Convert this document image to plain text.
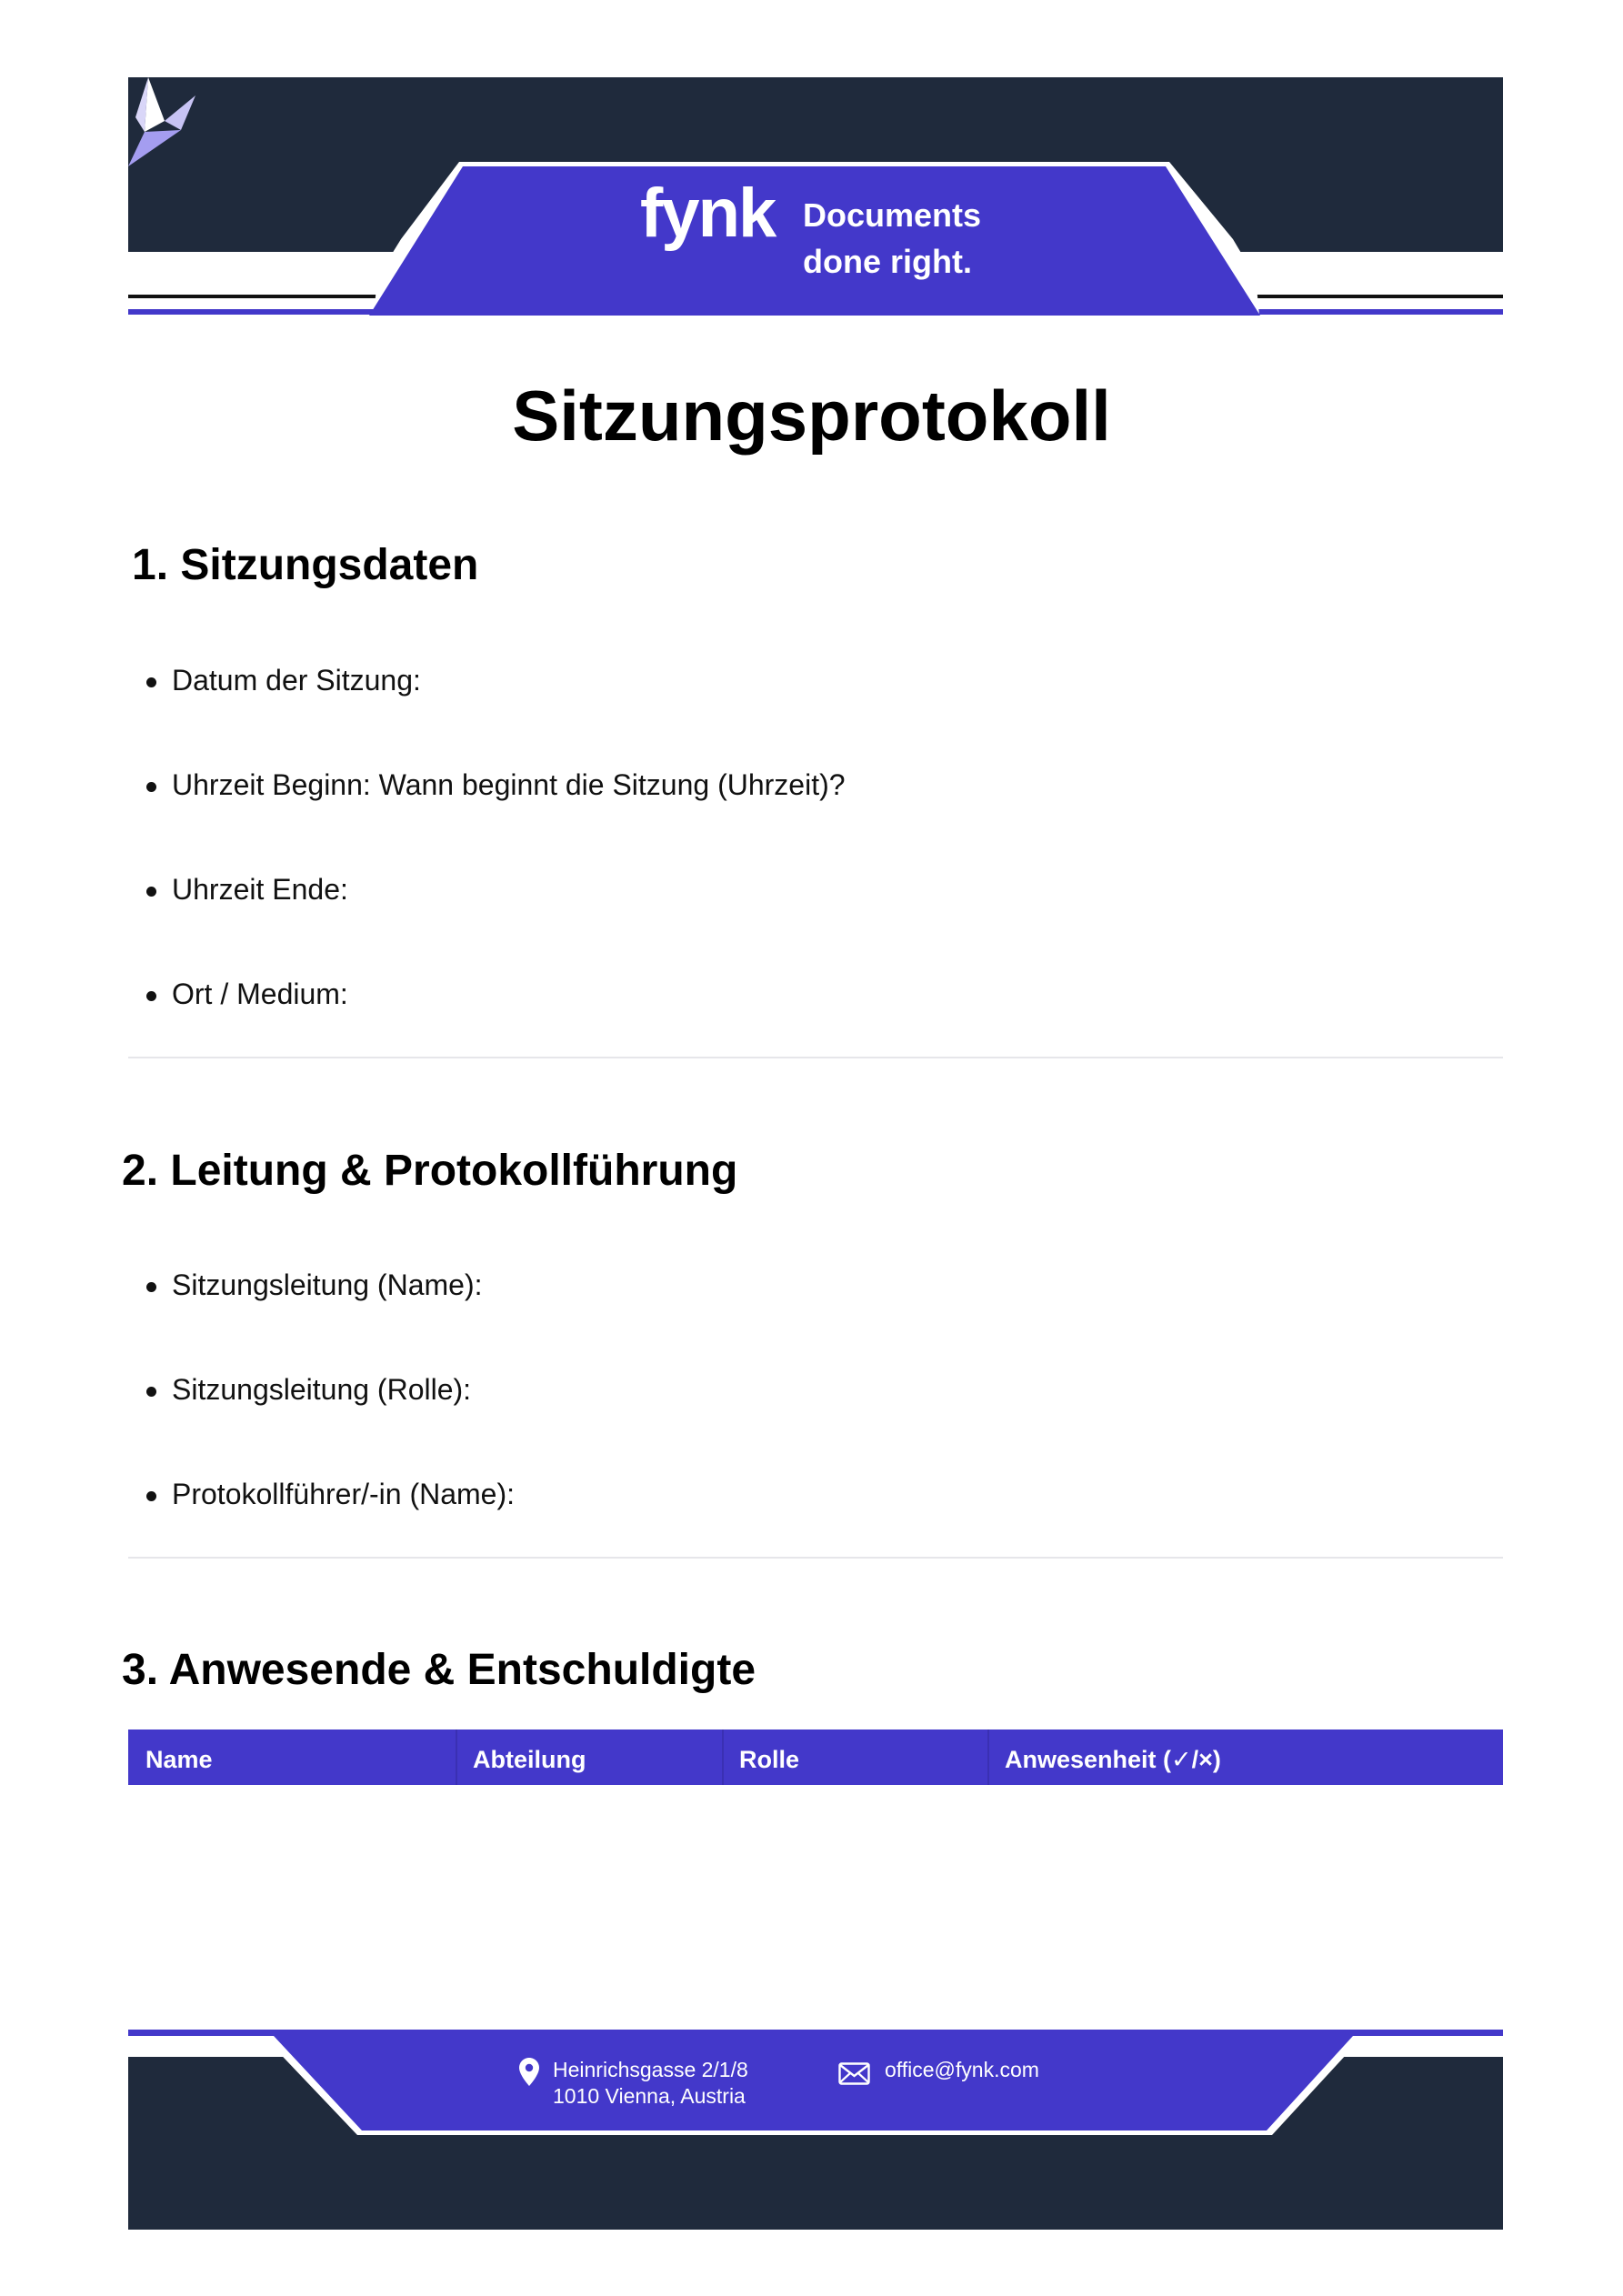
fynk Documents
done right.
Sitzungsprotokoll
1. Sitzungsdaten
Datum der Sitzung:
Uhrzeit Beginn: Wann beginnt die Sitzung (Uhrzeit)?
Uhrzeit Ende:
Ort / Medium:
2. Leitung & Protokollführung
Sitzungsleitung (Name):
Sitzungsleitung (Rolle):
Protokollführer/-in (Name):
3. Anwesende & Entschuldigte
Name	Abteilung	Rolle	Anwesenheit (✓/×)
Heinrichsgasse 2/1/8
1010 Vienna, Austria
office@fynk.com
